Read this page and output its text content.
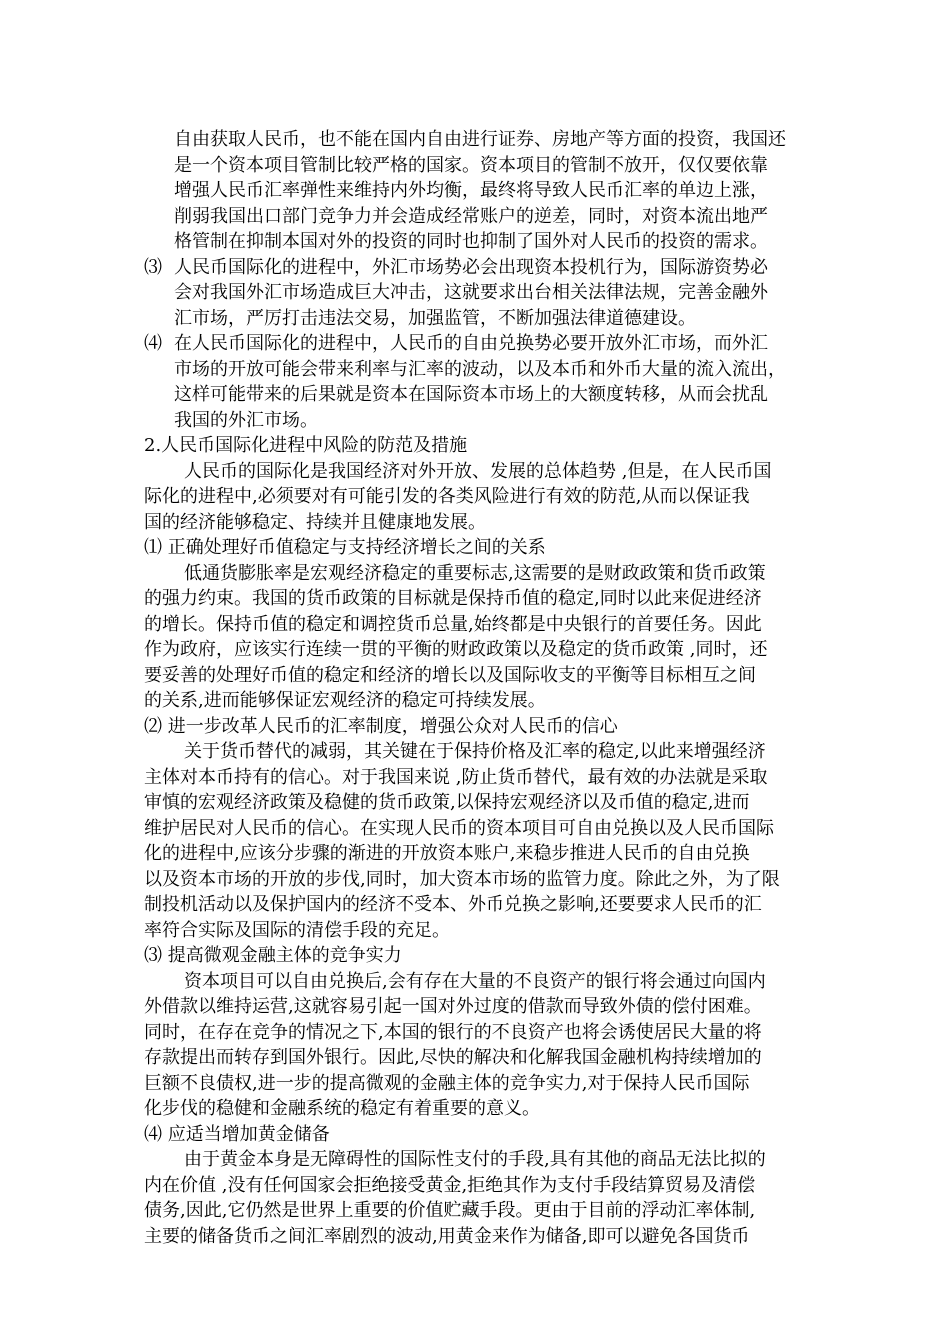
自由获取人民币，也不能在国内自由进行证券、房地产等方面的投资，我国还
是一个资本项目管制比较严格的国家。资本项目的管制不放开，仅仅要依靠
增强人民币汇率弹性来维持内外均衡，最终将导致人民币汇率的单边上涨，
削弱我国出口部门竞争力并会造成经常账户的逆差，同时，对资本流出地严
格管制在抑制本国对外的投资的同时也抑制了国外对人民币的投资的需求。
⑶ 人民币国际化的进程中，外汇市场势必会出现资本投机行为，国际游资势必
会对我国外汇市场造成巨大冲击，这就要求出台相关法律法规，完善金融外
汇市场，严厉打击违法交易，加强监管，不断加强法律道德建设。
⑷ 在人民币国际化的进程中，人民币的自由兑换势必要开放外汇市场，而外汇
市场的开放可能会带来利率与汇率的波动，以及本币和外币大量的流入流出，
这样可能带来的后果就是资本在国际资本市场上的大额度转移，从而会扰乱
我国的外汇市场。
2.人民币国际化进程中风险的防范及措施
人民币的国际化是我国经济对外开放、发展的总体趋势 ,但是，在人民币国
际化的进程中,必须要对有可能引发的各类风险进行有效的防范,从而以保证我
国的经济能够稳定、持续并且健康地发展。
⑴ 正确处理好币值稳定与支持经济增长之间的关系
低通货膨胀率是宏观经济稳定的重要标志,这需要的是财政政策和货币政策
的强力约束。我国的货币政策的目标就是保持币值的稳定,同时以此来促进经济
的增长。保持币值的稳定和调控货币总量,始终都是中央银行的首要任务。因此
作为政府，应该实行连续一贯的平衡的财政政策以及稳定的货币政策 ,同时，还
要妥善的处理好币值的稳定和经济的增长以及国际收支的平衡等目标相互之间
的关系,进而能够保证宏观经济的稳定可持续发展。
⑵ 进一步改革人民币的汇率制度，增强公众对人民币的信心
关于货币替代的减弱，其关键在于保持价格及汇率的稳定,以此来增强经济
主体对本币持有的信心。对于我国来说 ,防止货币替代，最有效的办法就是采取
审慎的宏观经济政策及稳健的货币政策,以保持宏观经济以及币值的稳定,进而
维护居民对人民币的信心。在实现人民币的资本项目可自由兑换以及人民币国际
化的进程中,应该分步骤的渐进的开放资本账户,来稳步推进人民币的自由兑换
以及资本市场的开放的步伐,同时，加大资本市场的监管力度。除此之外，为了限
制投机活动以及保护国内的经济不受本、外币兑换之影响,还要要求人民币的汇
率符合实际及国际的清偿手段的充足。
⑶ 提高微观金融主体的竞争实力
资本项目可以自由兑换后,会有存在大量的不良资产的银行将会通过向国内
外借款以维持运营,这就容易引起一国对外过度的借款而导致外债的偿付困难。
同时，在存在竞争的情况之下,本国的银行的不良资产也将会诱使居民大量的将
存款提出而转存到国外银行。因此,尽快的解决和化解我国金融机构持续增加的
巨额不良债权,进一步的提高微观的金融主体的竞争实力,对于保持人民币国际
化步伐的稳健和金融系统的稳定有着重要的意义。
⑷ 应适当增加黄金储备
由于黄金本身是无障碍性的国际性支付的手段,具有其他的商品无法比拟的
内在价值 ,没有任何国家会拒绝接受黄金,拒绝其作为支付手段结算贸易及清偿
债务,因此,它仍然是世界上重要的价值贮藏手段。更由于目前的浮动汇率体制,
主要的储备货币之间汇率剧烈的波动,用黄金来作为储备,即可以避免各国货币
